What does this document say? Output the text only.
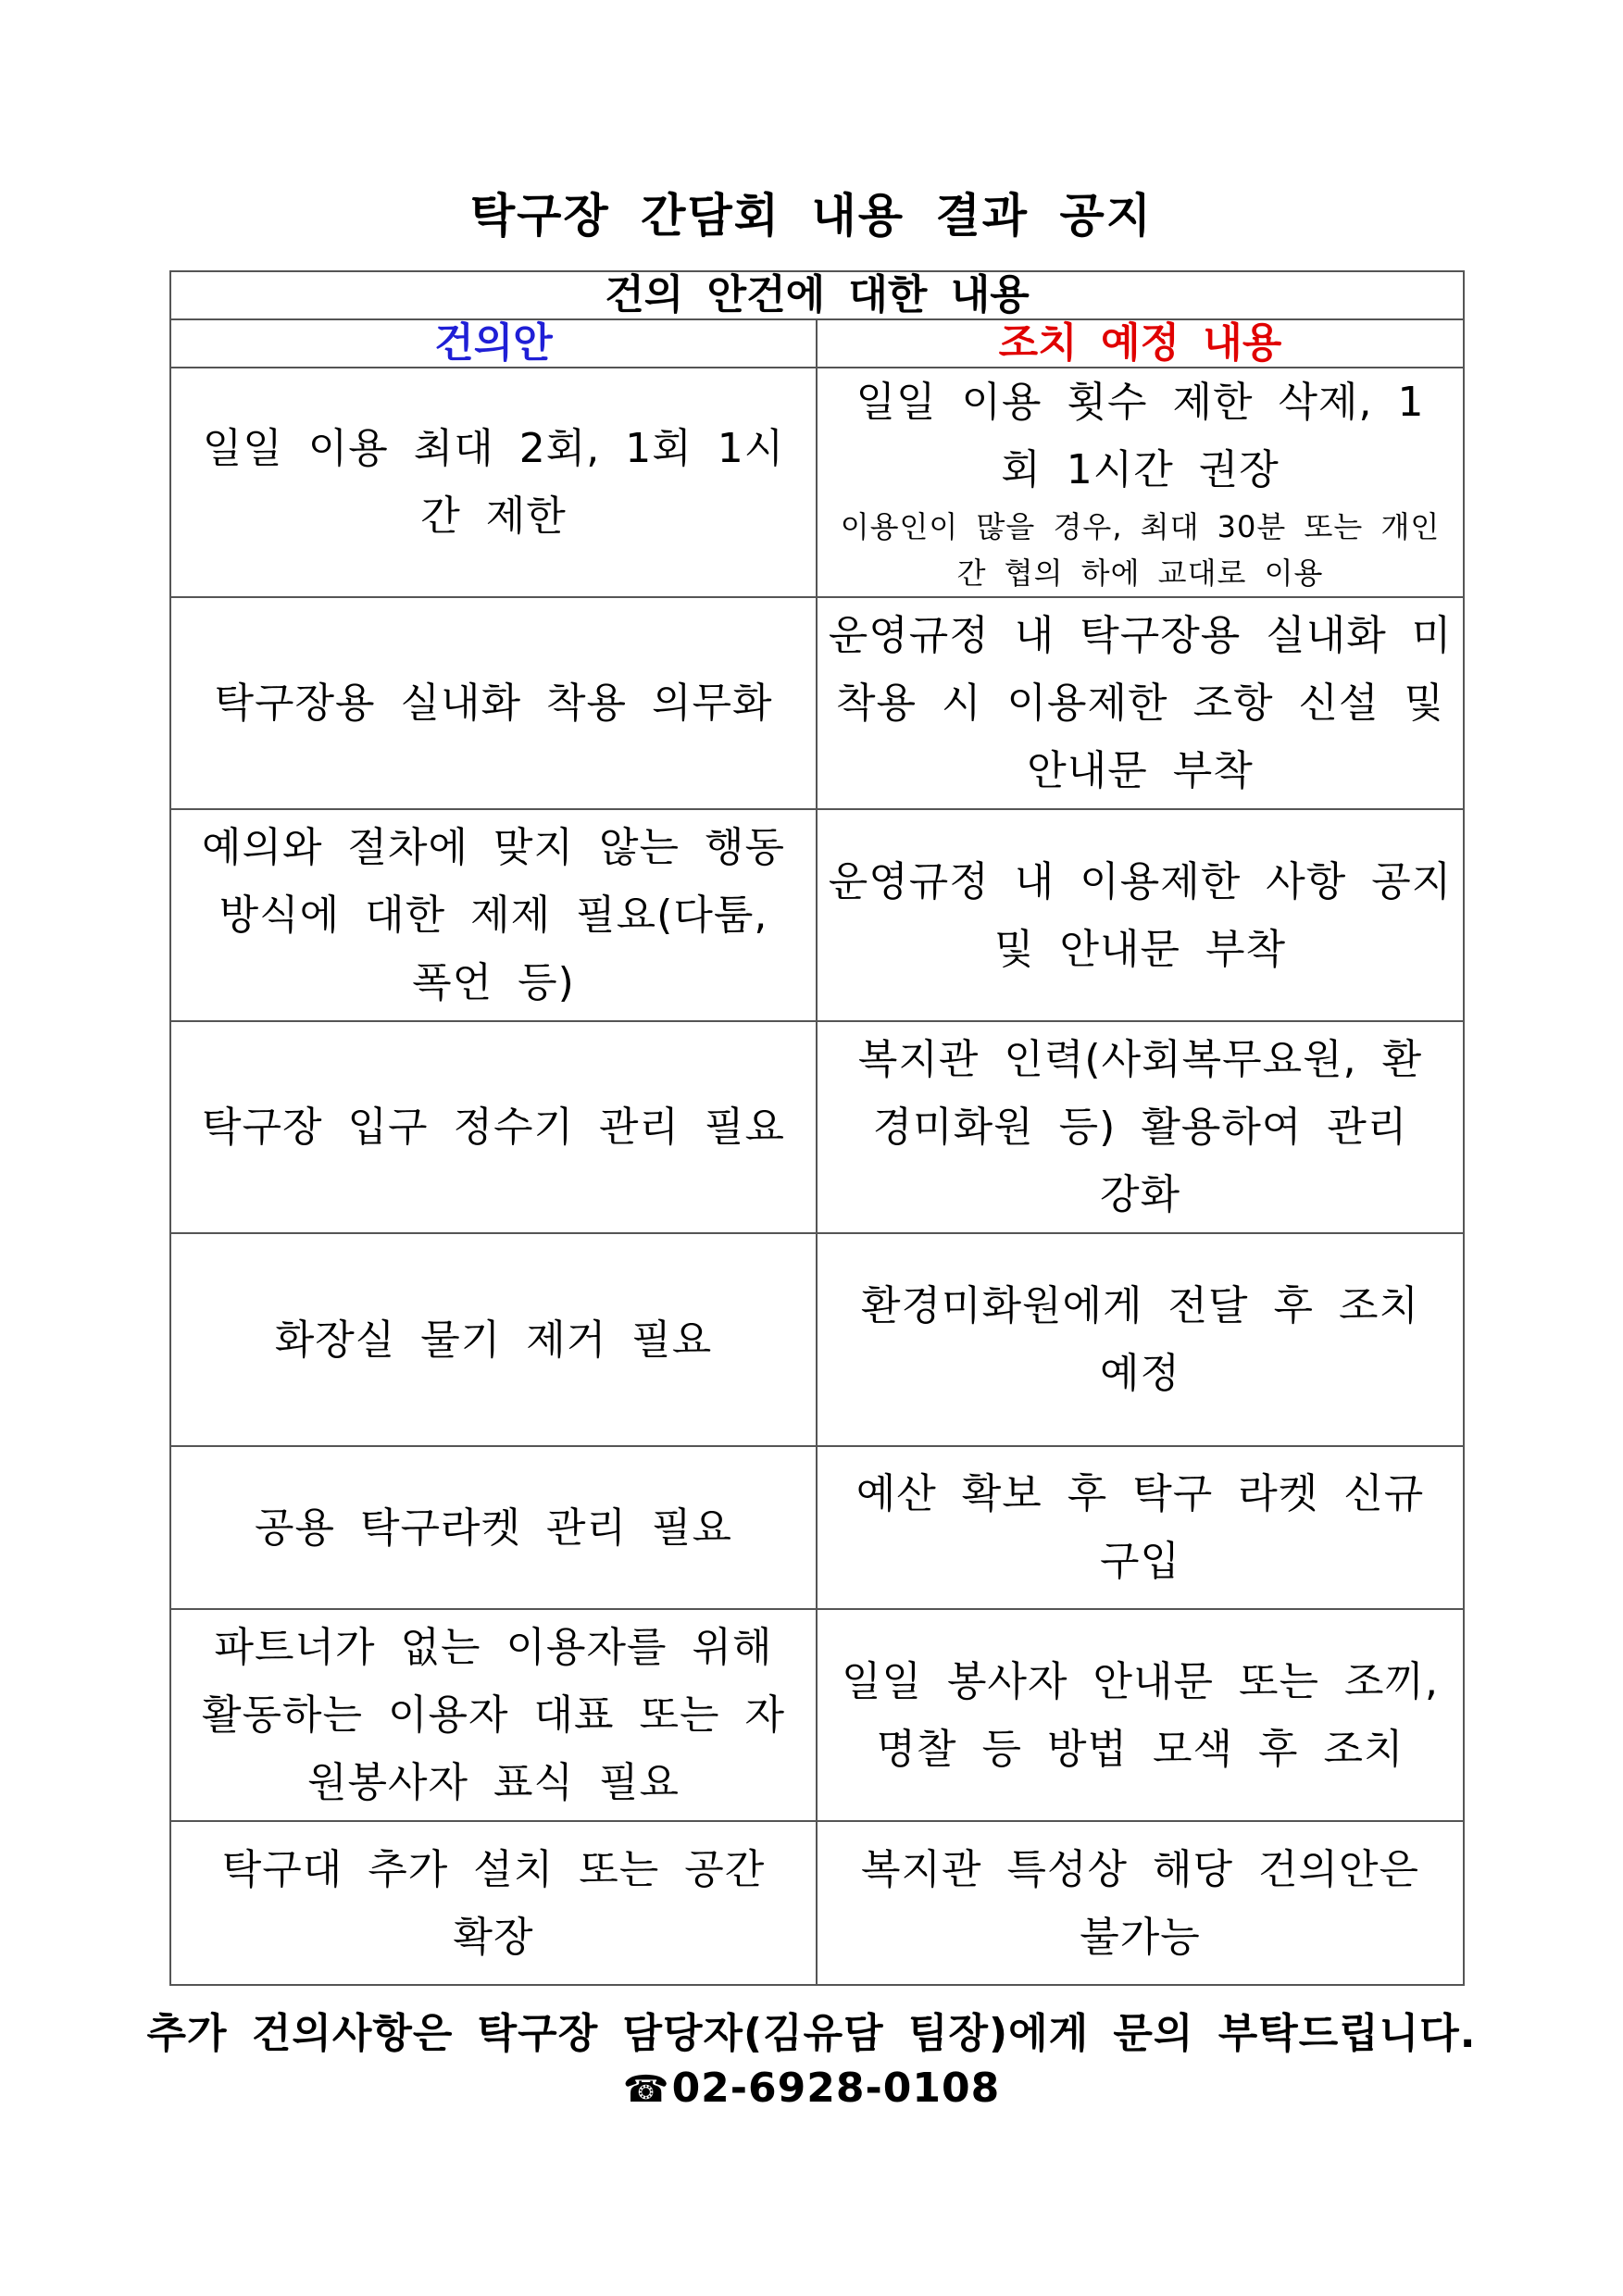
탁구장 간담회 내용 결과 공지
건의 안건에 대한 내용	
건의안	조치 예정 내용

일일 이용 최대 2회, 1회 1시간 제한	일일 이용 횟수 제한 삭제, 1회 1시간 권장
이용인이 많을 경우, 최대 30분 또는 개인 간 협의 하에 교대로 이용

탁구장용 실내화 착용 의무화	운영규정 내 탁구장용 실내화 미착용 시 이용제한 조항 신설 및 안내문 부착

예의와 절차에 맞지 않는 행동 방식에 대한 제제 필요(다툼, 폭언 등)	운영규정 내 이용제한 사항 공지 및 안내문 부착

탁구장 입구 정수기 관리 필요	복지관 인력(사회복무요원, 환경미화원 등) 활용하여 관리 강화

화장실 물기 제거 필요	환경미화원에게 전달 후 조치 예정

공용 탁구라켓 관리 필요	예산 확보 후 탁구 라켓 신규 구입

파트너가 없는 이용자를 위해 활동하는 이용자 대표 또는 자원봉사자 표식 필요	일일 봉사자 안내문 또는 조끼, 명찰 등 방법 모색 후 조치

탁구대 추가 설치 또는 공간 확장	복지관 특성상 해당 건의안은 불가능
추가 건의사항은 탁구장 담당자(김유담 팀장)에게 문의 부탁드립니다.
☎02-6928-0108
